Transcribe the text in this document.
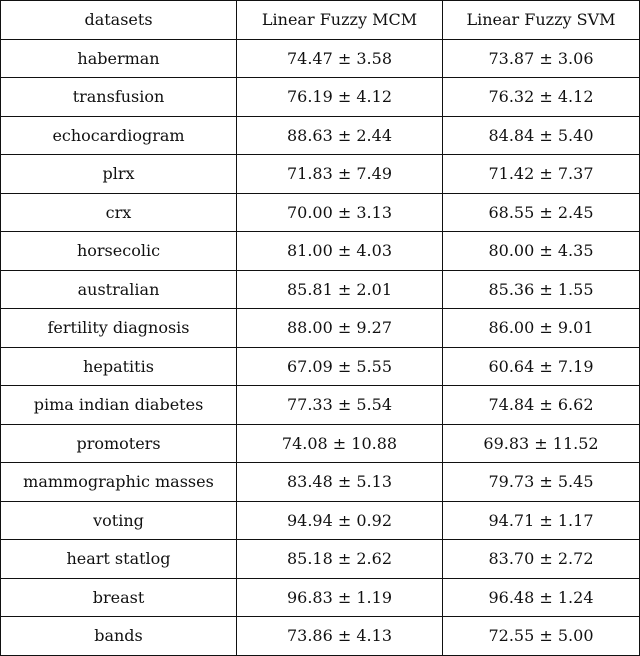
datasets	Linear Fuzzy MCM	Linear Fuzzy SVM
haberman	74.47 ± 3.58	73.87 ± 3.06
transfusion	76.19 ± 4.12	76.32 ± 4.12
echocardiogram	88.63 ± 2.44	84.84 ± 5.40
plrx	71.83 ± 7.49	71.42 ± 7.37
crx	70.00 ± 3.13	68.55 ± 2.45
horsecolic	81.00 ± 4.03	80.00 ± 4.35
australian	85.81 ± 2.01	85.36 ± 1.55
fertility diagnosis	88.00 ± 9.27	86.00 ± 9.01
hepatitis	67.09 ± 5.55	60.64 ± 7.19
pima indian diabetes	77.33 ± 5.54	74.84 ± 6.62
promoters	74.08 ± 10.88	69.83 ± 11.52
mammographic masses	83.48 ± 5.13	79.73 ± 5.45
voting	94.94 ± 0.92	94.71 ± 1.17
heart statlog	85.18 ± 2.62	83.70 ± 2.72
breast	96.83 ± 1.19	96.48 ± 1.24
bands	73.86 ± 4.13	72.55 ± 5.00
